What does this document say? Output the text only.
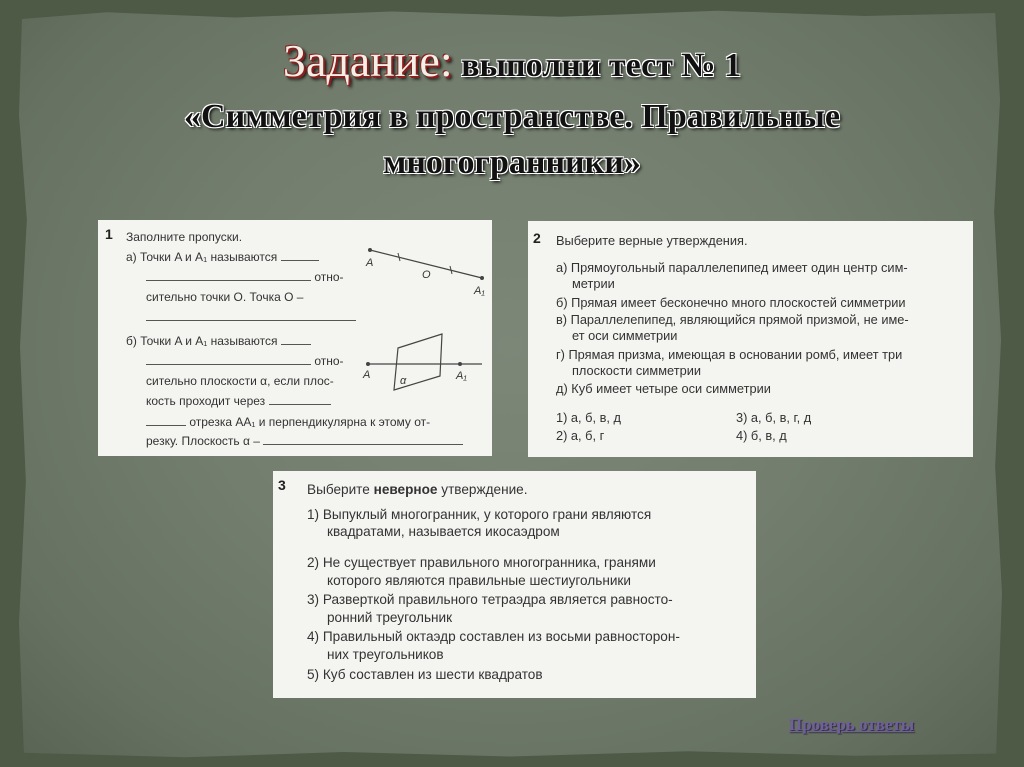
Задание: выполни тест № 1
«Симметрия в пространстве. Правильные
многогранники»
1 Заполните пропуски.
а) Точки A и A₁ называются
отно-
сительно точки O. Точка O –
б) Точки A и A₁ называются
отно-
сительно плоскости α, если плос-
кость проходит через
отрезка AA₁ и перпендикулярна к этому от-
резку. Плоскость α –
A
O
A₁
A	α	A₁
2 Выберите верные утверждения.
а) Прямоугольный параллелепипед имеет один центр сим-
метрии
б) Прямая имеет бесконечно много плоскостей симметрии
в) Параллелепипед, являющийся прямой призмой, не име-
ет оси симметрии
г) Прямая призма, имеющая в основании ромб, имеет три
плоскости симметрии
д) Куб имеет четыре оси симметрии
1) а, б, в, д	3) а, б, в, г, д
2) а, б, г	4) б, в, д
3 Выберите неверное утверждение.
1) Выпуклый многогранник, у которого грани являются
квадратами, называется икосаэдром
2) Не существует правильного многогранника, гранями
которого являются правильные шестиугольники
3) Разверткой правильного тетраэдра является равносто-
ронний треугольник
4) Правильный октаэдр составлен из восьми равносторон-
них треугольников
5) Куб составлен из шести квадратов
Проверь ответы
